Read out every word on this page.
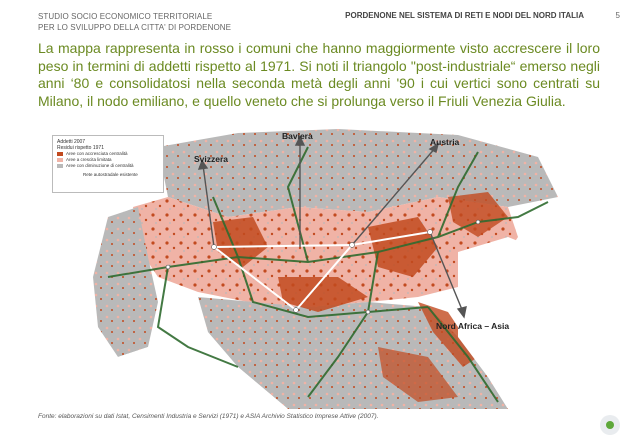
STUDIO SOCIO ECONOMICO TERRITORIALE
PER LO SVILUPPO DELLA CITTA' DI PORDENONE
PORDENONE NEL SISTEMA DI RETI E NODI DEL NORD ITALIA	5
La mappa rappresenta in rosso i comuni che hanno maggiormente visto accrescere il loro peso in termini di addetti rispetto al 1971. Si noti il triangolo "post-industriale“ emerso negli anni ‘80 e consolidatosi nella seconda metà degli anni '90 i cui vertici sono centrati su Milano, il nodo emiliano, e quello veneto che si prolunga verso il Friuli Venezia Giulia.
Addetti 2007
Residui rispetto 1971
Aree con accresciuta centralità
Aree a crescita limitata
Aree con diminuzione di centralità
Rete autostradale esistente
Baviera
Austria
Svizzera
Nord Africa – Asia
Fonte: elaborazioni su dati Istat, Censimenti Industria e Servizi (1971) e ASIA Archivio Statistico Imprese Attive (2007).
